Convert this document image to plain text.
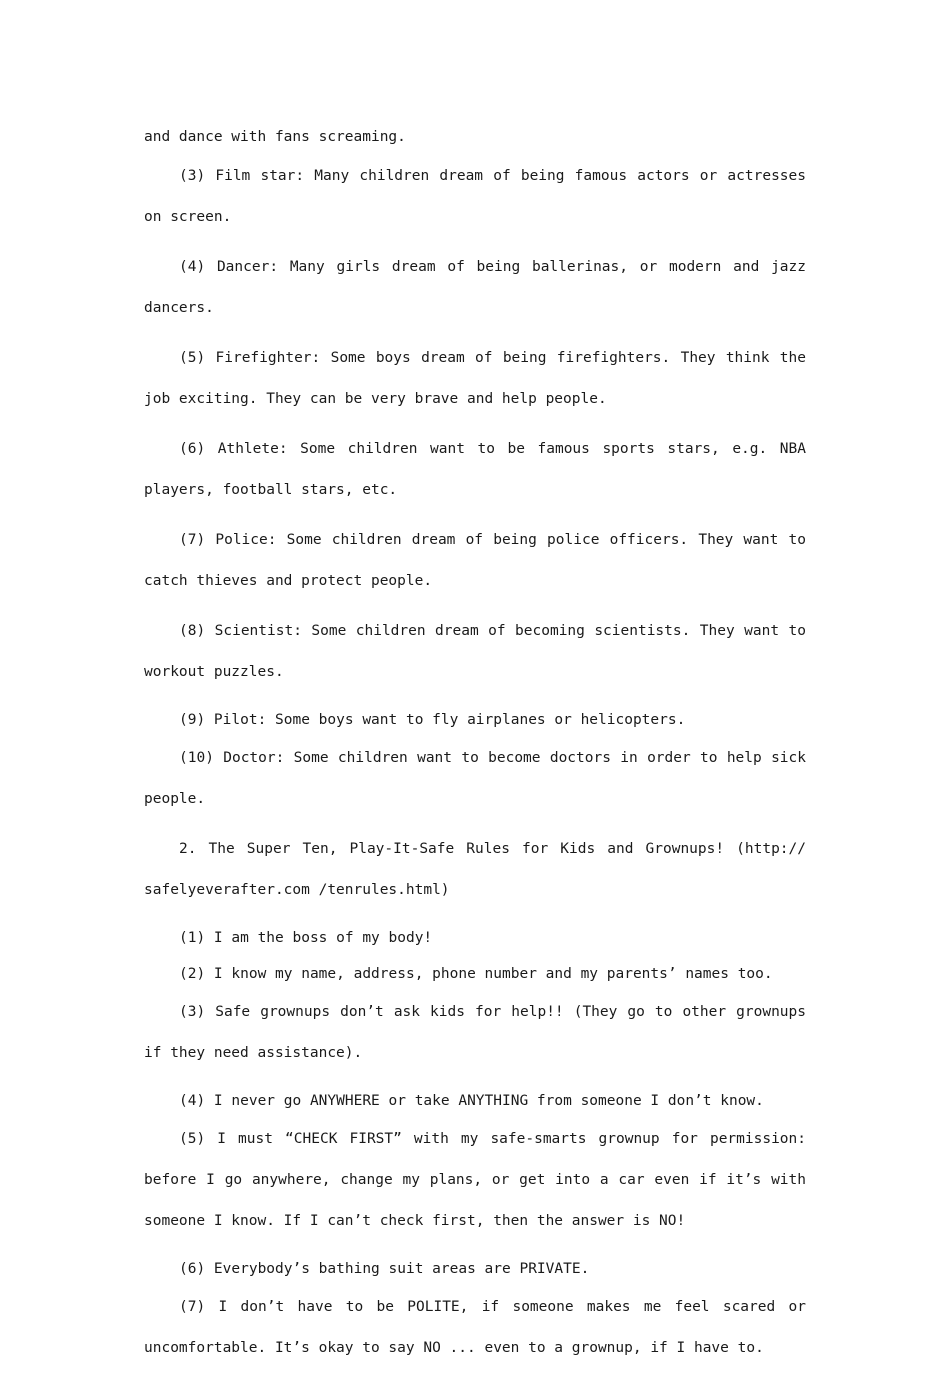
and dance with fans screaming.

(3) Film star: Many children dream of being famous actors or actresses on screen.

(4) Dancer: Many girls dream of being ballerinas, or modern and jazz dancers.

(5) Firefighter: Some boys dream of being firefighters. They think the job exciting. They can be very brave and help people.

(6) Athlete: Some children want to be famous sports stars, e.g. NBA players, football stars, etc.

(7) Police: Some children dream of being police officers. They want to catch thieves and protect people.

(8) Scientist: Some children dream of becoming scientists. They want to workout puzzles.

(9) Pilot: Some boys want to fly airplanes or helicopters.

(10) Doctor: Some children want to become doctors in order to help sick people.

2. The Super Ten, Play-It-Safe Rules for Kids and Grownups! (http:// safelyeverafter.com /tenrules.html)

(1) I am the boss of my body!

(2) I know my name, address, phone number and my parents’ names too.

(3) Safe grownups don’t ask kids for help!! (They go to other grownups if they need assistance).

(4) I never go ANYWHERE or take ANYTHING from someone I don’t know.

(5) I must “CHECK FIRST” with my safe-smarts grownup for permission: before I go anywhere, change my plans, or get into a car even if it’s with someone I know. If I can’t check first, then the answer is NO!

(6) Everybody’s bathing suit areas are PRIVATE.

(7) I don’t have to be POLITE, if someone makes me feel scared or uncomfortable. It’s okay to say NO ... even to a grownup, if I have to.
